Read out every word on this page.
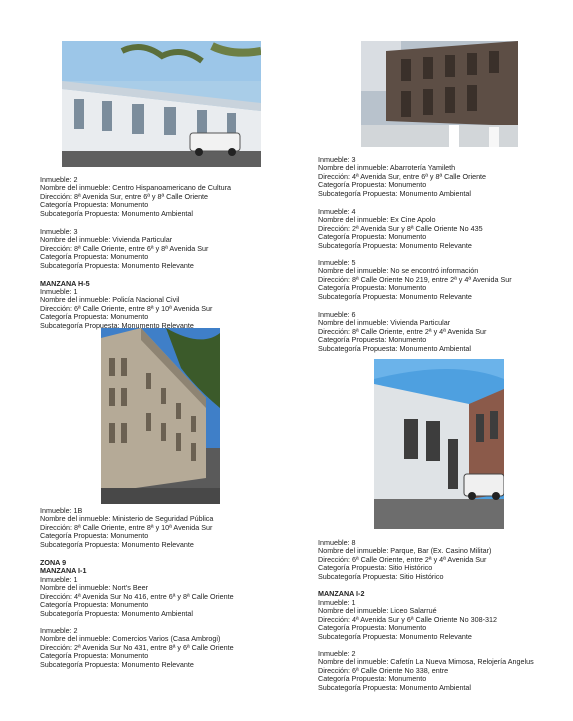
Inmueble: 2
Nombre del inmueble: Centro Hispanoamericano de Cultura
Dirección: 8ª Avenida Sur, entre 6ª y 8ª Calle Oriente
Categoría Propuesta: Monumento
Subcategoría Propuesta: Monumento Ambiental
Inmueble: 3
Nombre del inmueble: Vivienda Particular
Dirección: 8ª Calle Oriente, entre 6ª y 8ª Avenida Sur
Categoría Propuesta: Monumento
Subcategoría Propuesta: Monumento Relevante
MANZANA H-5
Inmueble: 1
Nombre del inmueble: Policía Nacional Civil
Dirección: 6ª Calle Oriente, entre 8ª y 10ª Avenida Sur
Categoría Propuesta: Monumento
Subcategoría Propuesta: Monumento Relevante
Inmueble: 1B
Nombre del inmueble: Ministerio de Seguridad Pública
Dirección: 8ª Calle Oriente, entre 8ª y 10ª Avenida Sur
Categoría Propuesta: Monumento
Subcategoría Propuesta: Monumento Relevante
ZONA 9
MANZANA I-1
Inmueble: 1
Nombre del inmueble: Nort's Beer
Dirección: 4ª Avenida Sur No 416, entre 6ª y 8ª Calle Oriente
Categoría Propuesta: Monumento
Subcategoría Propuesta: Monumento Ambiental
Inmueble: 2
Nombre del inmueble: Comercios Varios (Casa Ambrogi)
Dirección: 2ª Avenida Sur No 431, entre 8ª y 6ª Calle Oriente
Categoría Propuesta: Monumento
Subcategoría Propuesta: Monumento Relevante
Inmueble: 3
Nombre del inmueble: Abarrotería Yamileth
Dirección: 4ª Avenida Sur, entre 6ª y 8ª Calle Oriente
Categoría Propuesta: Monumento
Subcategoría Propuesta: Monumento Ambiental
Inmueble: 4
Nombre del inmueble: Ex Cine Apolo
Dirección: 2ª Avenida Sur y 8ª Calle Oriente No 435
Categoría Propuesta: Monumento
Subcategoría Propuesta: Monumento Relevante
Inmueble: 5
Nombre del inmueble: No se encontró información
Dirección: 8ª Calle Oriente No 219, entre 2ª y 4ª Avenida Sur
Categoría Propuesta: Monumento
Subcategoría Propuesta: Monumento Relevante
Inmueble: 6
Nombre del inmueble: Vivienda Particular
Dirección: 8ª Calle Oriente, entre 2ª y 4ª Avenida Sur
Categoría Propuesta: Monumento
Subcategoría Propuesta: Monumento Ambiental
Inmueble: 8
Nombre del inmueble: Parque, Bar (Ex. Casino Militar)
Dirección: 6ª Calle Oriente, entre 2ª y 4ª Avenida Sur
Categoría Propuesta: Sitio Histórico
Subcategoría Propuesta: Sitio Histórico
MANZANA I-2
Inmueble: 1
Nombre del inmueble: Liceo Salarrué
Dirección: 4ª Avenida Sur y 6ª Calle Oriente No 308-312
Categoría Propuesta: Monumento
Subcategoría Propuesta: Monumento Relevante
Inmueble: 2
Nombre del inmueble: Cafetín La Nueva Mimosa, Relojería Angelus
Dirección: 6ª Calle Oriente No 338, entre
Categoría Propuesta: Monumento
Subcategoría Propuesta: Monumento Ambiental
